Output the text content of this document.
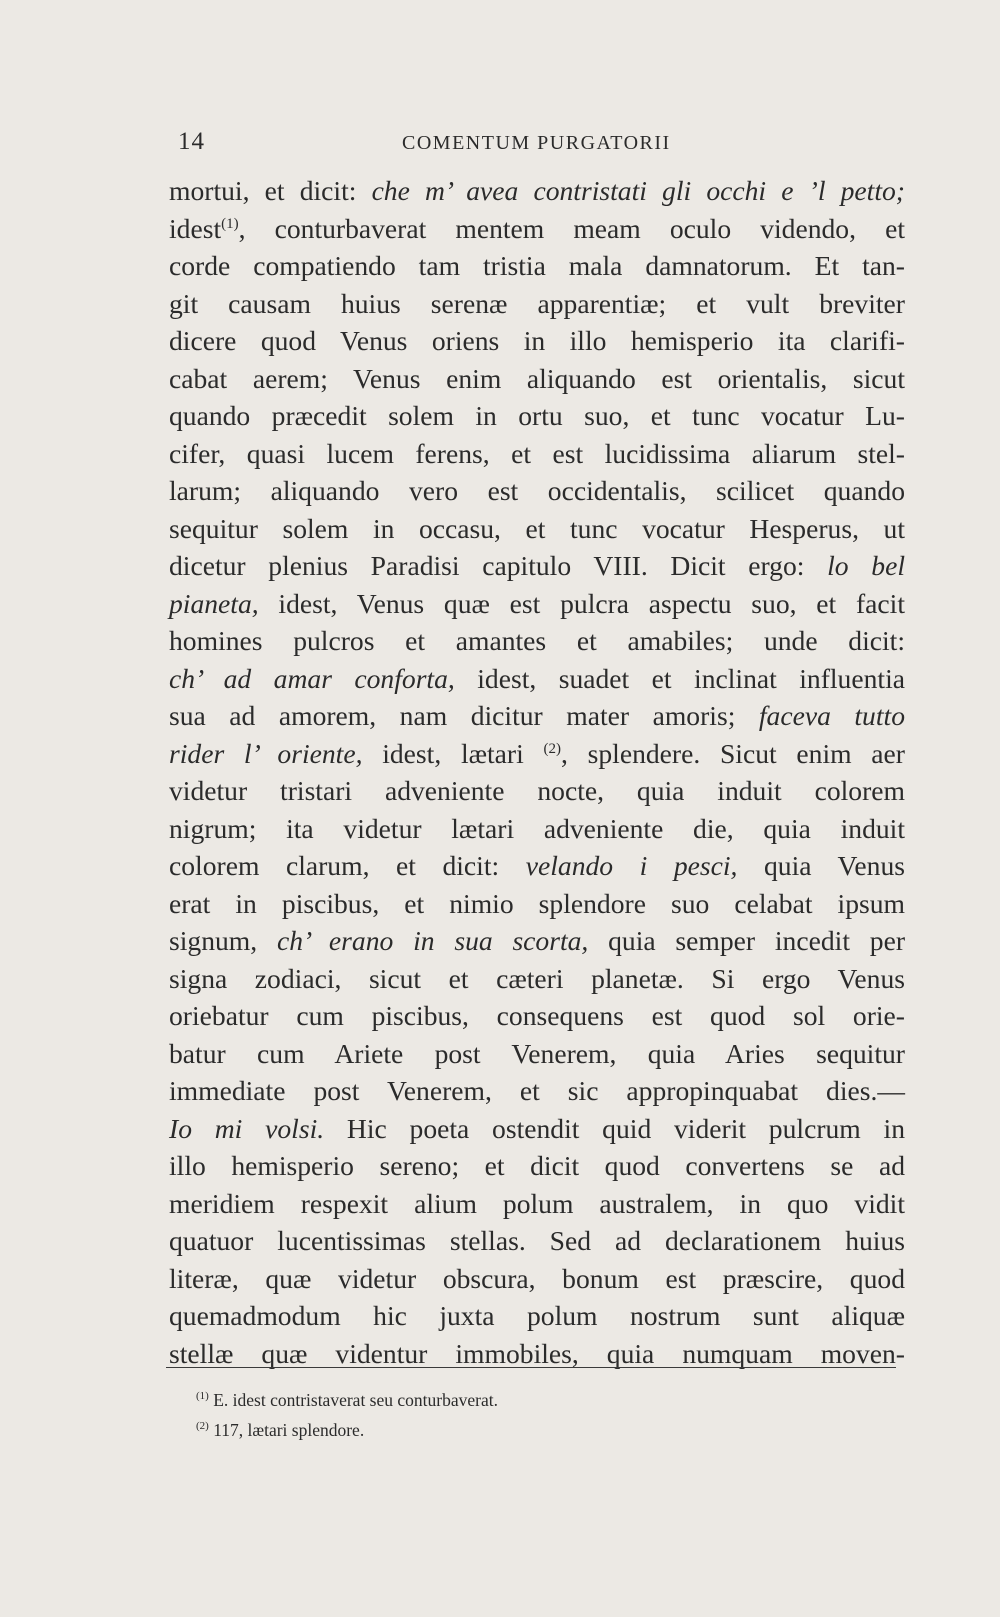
14	COMENTUM PURGATORII
mortui, et dicit: che m’ avea contristati gli occhi e ’l petto;
idest$^{(1)}$, conturbaverat mentem meam oculo videndo, et
corde compatiendo tam tristia mala damnatorum. Et tan-
git causam huius serenæ apparentiæ; et vult breviter
dicere quod Venus oriens in illo hemisperio ita clarifi-
cabat aerem; Venus enim aliquando est orientalis, sicut
quando præcedit solem in ortu suo, et tunc vocatur Lu-
cifer, quasi lucem ferens, et est lucidissima aliarum stel-
larum; aliquando vero est occidentalis, scilicet quando
sequitur solem in occasu, et tunc vocatur Hesperus, ut
dicetur plenius Paradisi capitulo VIII. Dicit ergo: lo bel
pianeta, idest, Venus quæ est pulcra aspectu suo, et facit
homines pulcros et amantes et amabiles; unde dicit:
ch’ ad amar conforta, idest, suadet et inclinat influentia
sua ad amorem, nam dicitur mater amoris; faceva tutto
rider l’ oriente, idest, lætari $^{(2)}$, splendere. Sicut enim aer
videtur tristari adveniente nocte, quia induit colorem
nigrum; ita videtur lætari adveniente die, quia induit
colorem clarum, et dicit: velando i pesci, quia Venus
erat in piscibus, et nimio splendore suo celabat ipsum
signum, ch’ erano in sua scorta, quia semper incedit per
signa zodiaci, sicut et cæteri planetæ. Si ergo Venus
oriebatur cum piscibus, consequens est quod sol orie-
batur cum Ariete post Venerem, quia Aries sequitur
immediate post Venerem, et sic appropinquabat dies.—
Io mi volsi. Hic poeta ostendit quid viderit pulcrum in
illo hemisperio sereno; et dicit quod convertens se ad
meridiem respexit alium polum australem, in quo vidit
quatuor lucentissimas stellas. Sed ad declarationem huius
literæ, quæ videtur obscura, bonum est præscire, quod
quemadmodum hic juxta polum nostrum sunt aliquæ
stellæ quæ videntur immobiles, quia numquam moven-
$^{(1)}$ E. idest contristaverat seu conturbaverat.
$^{(2)}$ 117, lætari splendore.
